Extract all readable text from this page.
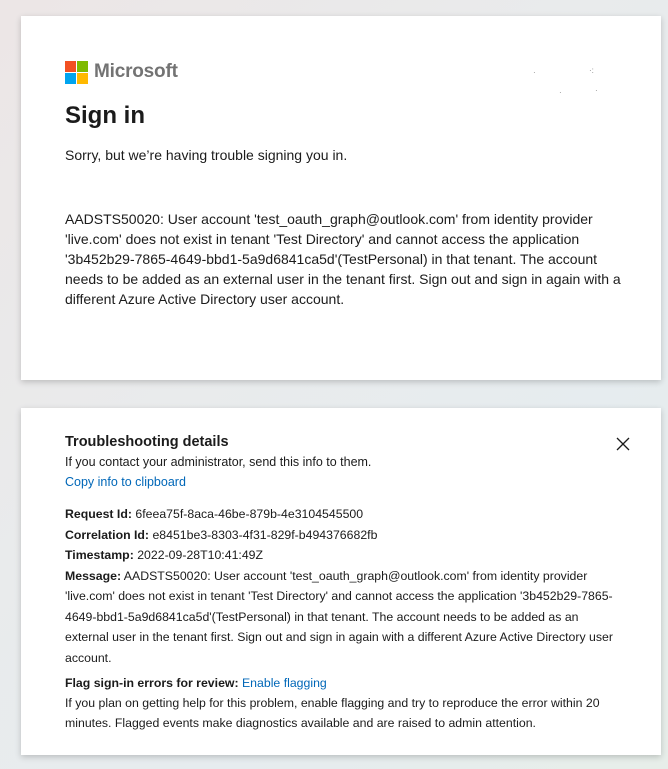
Microsoft	·	·:
·	·
Sign in
Sorry, but we’re having trouble signing you in.
AADSTS50020: User account 'test_oauth_graph@outlook.com' from identity provider 'live.com' does not exist in tenant 'Test Directory' and cannot access the application '3b452b29-7865-4649-bbd1-5a9d6841ca5d'(TestPersonal) in that tenant. The account needs to be added as an external user in the tenant first. Sign out and sign in again with a different Azure Active Directory user account.
Troubleshooting details
If you contact your administrator, send this info to them.
Copy info to clipboard
Request Id: 6feea75f-8aca-46be-879b-4e3104545500
Correlation Id: e8451be3-8303-4f31-829f-b494376682fb
Timestamp: 2022-09-28T10:41:49Z
Message: AADSTS50020: User account 'test_oauth_graph@outlook.com' from identity provider 'live.com' does not exist in tenant 'Test Directory' and cannot access the application '3b452b29-7865-4649-bbd1-5a9d6841ca5d'(TestPersonal) in that tenant. The account needs to be added as an external user in the tenant first. Sign out and sign in again with a different Azure Active Directory user account.
Flag sign-in errors for review: Enable flagging
If you plan on getting help for this problem, enable flagging and try to reproduce the error within 20 minutes. Flagged events make diagnostics available and are raised to admin attention.
